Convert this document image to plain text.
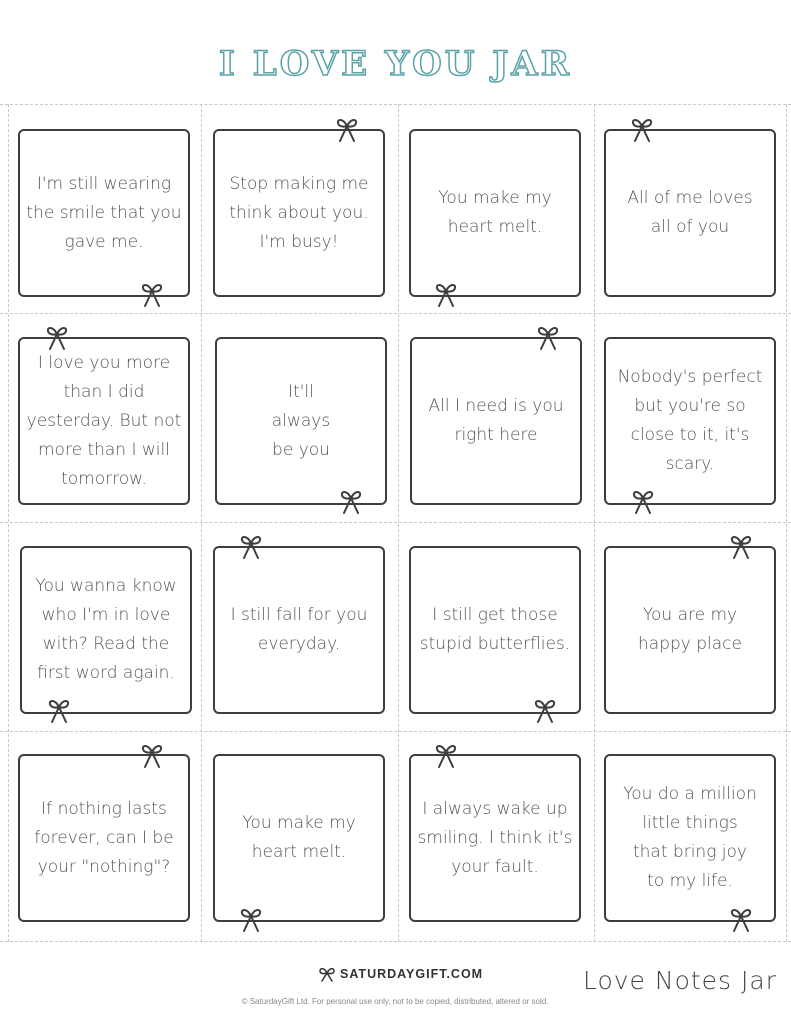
I LOVE YOU JAR
I'm still wearing
the smile that you
gave me.
Stop making me
think about you.
I'm busy!
You make my
heart melt.
All of me loves
all of you
I love you more
than I did
yesterday. But not
more than I will
tomorrow.
It'll
always
be you
All I need is you
right here
Nobody's perfect
but you're so
close to it, it's
scary.
You wanna know
who I'm in love
with? Read the
first word again.
I still fall for you
everyday.
I still get those
stupid butterflies.
You are my
happy place
If nothing lasts
forever, can I be
your "nothing"?
You make my
heart melt.
I always wake up
smiling. I think it's
your fault.
You do a million
little things
that bring joy
to my life.
SATURDAYGIFT.COM
© SaturdayGift Ltd. For personal use only, not to be copied, distributed, altered or sold.
Love Notes Jar
